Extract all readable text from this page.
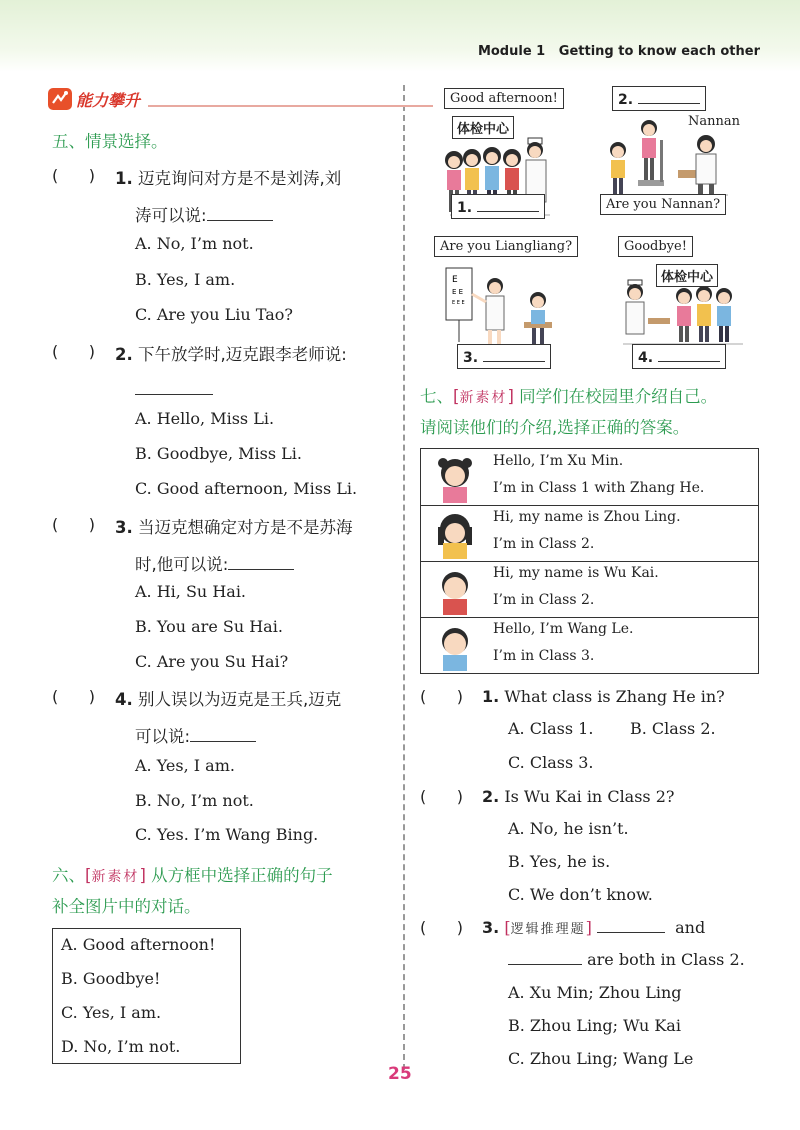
Module 1 Getting to know each other
能力攀升
五、情景选择。
(      ) 1. 迈克询问对方是不是刘涛,刘
涛可以说:
A. No, I’m not.
B. Yes, I am.
C. Are you Liu Tao?
(      ) 2. 下午放学时,迈克跟李老师说:
A. Hello, Miss Li.
B. Goodbye, Miss Li.
C. Good afternoon, Miss Li.
(      ) 3. 当迈克想确定对方是不是苏海
时,他可以说:
A. Hi, Su Hai.
B. You are Su Hai.
C. Are you Su Hai?
(      ) 4. 别人误以为迈克是王兵,迈克
可以说:
A. Yes, I am.
B. No, I’m not.
C. Yes. I’m Wang Bing.
六、[新素材] 从方框中选择正确的句子
补全图片中的对话。
A. Good afternoon!
B. Goodbye!
C. Yes, I am.
D. No, I’m not.
Good afternoon!
体检中心
1.
2.
Nannan
Are you Nannan?
E
E E
E E E
Are you Liangliang?
3.
Goodbye!
体检中心
4.
七、[新素材] 同学们在校园里介绍自己。
请阅读他们的介绍,选择正确的答案。
Hello, I’m Xu Min.
I’m in Class 1 with Zhang He.
Hi, my name is Zhou Ling.
I’m in Class 2.
Hi, my name is Wu Kai.
I’m in Class 2.
Hello, I’m Wang Le.
I’m in Class 3.
(      ) 1. What class is Zhang He in?
A. Class 1. B. Class 2.
C. Class 3.
(      ) 2. Is Wu Kai in Class 2?
A. No, he isn’t.
B. Yes, he is.
C. We don’t know.
(      ) 3. [逻辑推理题]	and
are both in Class 2.
A. Xu Min; Zhou Ling
B. Zhou Ling; Wu Kai
C. Zhou Ling; Wang Le
25
